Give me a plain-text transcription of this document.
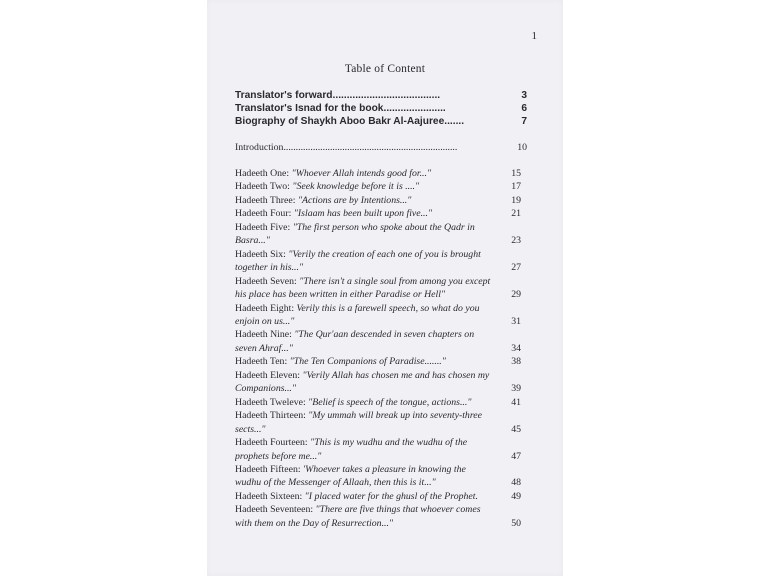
1
Table of Content
Translator's forward......................................	3
Translator's Isnad for the book......................	6
Biography of Shaykh Aboo Bakr Al-Aajuree.......	7
Introduction.......................................................................	10
Hadeeth One: "Whoever Allah intends good for..."	15
Hadeeth Two: "Seek knowledge before it is ...."	17
Hadeeth Three: "Actions are by Intentions..."	19
Hadeeth Four: "Islaam has been built upon five..."	21
Hadeeth Five: "The first person who spoke about the Qadr in
Basra..."	23
Hadeeth Six: "Verily the creation of each one of you is brought
together in his..."	27
Hadeeth Seven: "There isn't a single soul from among you except
his place has been written in either Paradise or Hell"	29
Hadeeth Eight: Verily this is a farewell speech, so what do you
enjoin on us..."	31
Hadeeth Nine: "The Qur'aan descended in seven chapters on
seven Ahraf..."	34
Hadeeth Ten: "The Ten Companions of Paradise......."	38
Hadeeth Eleven: "Verily Allah has chosen me and has chosen my
Companions..."	39
Hadeeth Tweleve: "Belief is speech of the tongue, actions..."	41
Hadeeth Thirteen: "My ummah will break up into seventy-three
sects..."	45
Hadeeth Fourteen: "This is my wudhu and the wudhu of the
prophets before me..."	47
Hadeeth Fifteen: 'Whoever takes a pleasure in knowing the
wudhu of the Messenger of Allaah, then this is it..."	48
Hadeeth Sixteen: "I placed water for the ghusl of the Prophet.	49
Hadeeth Seventeen: "There are five things that whoever comes
with them on the Day of Resurrection..."	50
